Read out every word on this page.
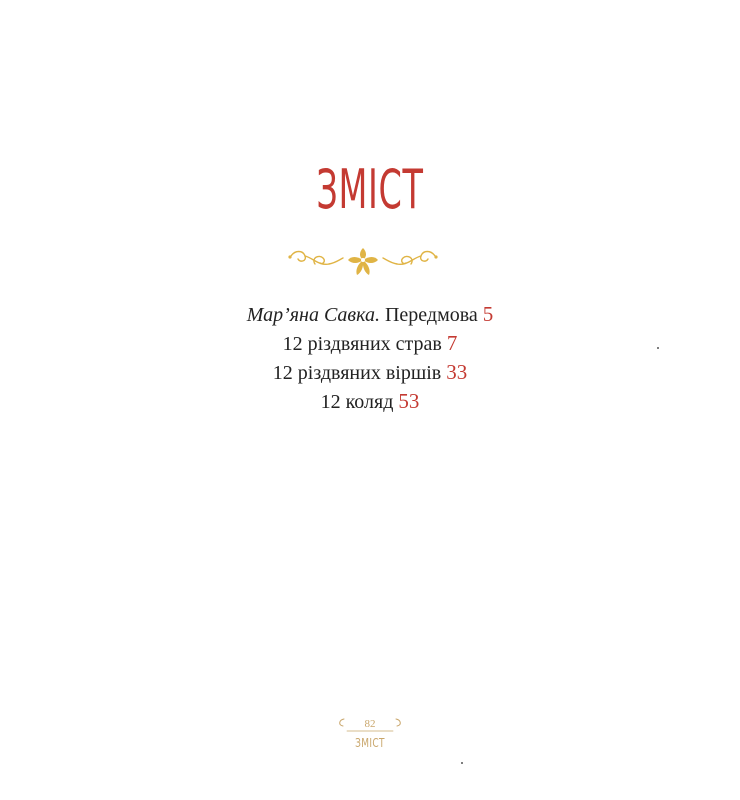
ЗМІСТ
Мар’яна Савка. Передмова 5
12 різдвяних страв 7
12 різдвяних віршів 33
12 коляд 53
82
ЗМІСТ
